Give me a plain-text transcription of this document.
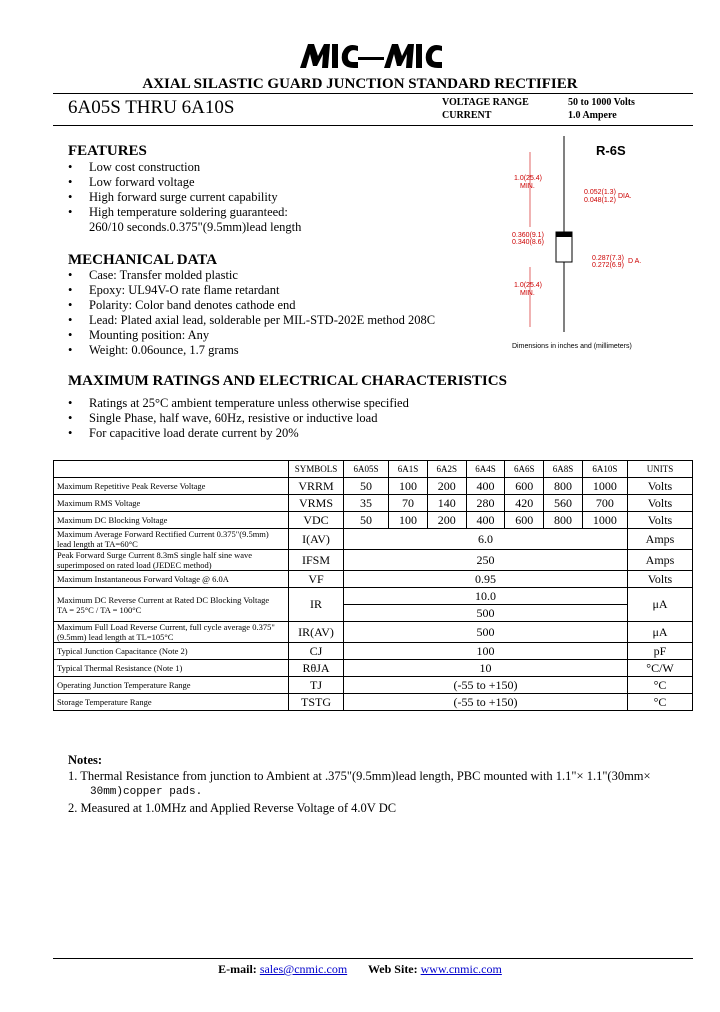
AXIAL SILASTIC GUARD JUNCTION STANDARD RECTIFIER
6A05S THRU 6A10S	VOLTAGE RANGE	50 to 1000 Volts
CURRENT	1.0 Ampere
FEATURES
• Low cost construction
• Low forward voltage
• High forward surge current capability
• High temperature soldering guaranteed:
260/10 seconds.0.375"(9.5mm)lead length
MECHANICAL DATA
• Case: Transfer molded plastic
• Epoxy: UL94V-O rate flame retardant
• Polarity: Color band denotes cathode end
• Lead: Plated axial lead, solderable per MIL-STD-202E method 208C
• Mounting position: Any
• Weight: 0.06ounce, 1.7 grams
R-6S
1.0(25.4)
MIN.
0.052(1.3)
0.048(1.2)
DIA.
0.360(9.1)
0.340(8.6)
0.287(7.3)
0.272(6.9)
D A.
1.0(25.4)
MIN.
Dimensions in inches and (millimeters)
MAXIMUM RATINGS AND ELECTRICAL CHARACTERISTICS
• Ratings at 25°C ambient temperature unless otherwise specified
• Single Phase, half wave, 60Hz, resistive or inductive load
• For capacitive load derate current by 20%
	SYMBOLS	6A05S	6A1S	6A2S	6A4S	6A6S	6A8S	6A10S	UNITS
Maximum Repetitive Peak Reverse Voltage	VRRM	50	100	200	400	600	800	1000	Volts
Maximum RMS Voltage	VRMS	35	70	140	280	420	560	700	Volts
Maximum DC Blocking Voltage	VDC	50	100	200	400	600	800	1000	Volts
Maximum Average Forward Rectified Current 0.375"(9.5mm) lead length at TA=60°C	I(AV)	6.0							Amps
Peak Forward Surge Current 8.3mS single half sine wave superimposed on rated load (JEDEC method)	IFSM	250							Amps
Maximum Instantaneous Forward Voltage @ 6.0A	VF	0.95							Volts
Maximum DC Reverse Current at Rated DC Blocking Voltage
TA = 25°C / TA = 100°C	IR	10.0							μA
		500							
Maximum Full Load Reverse Current, full cycle average 0.375"(9.5mm) lead length at TL=105°C	IR(AV)	500							μA
Typical Junction Capacitance (Note 2)	CJ	100							pF
Typical Thermal Resistance (Note 1)	RθJA	10							°C/W
Operating Junction Temperature Range	TJ	(-55 to +150)							°C
Storage Temperature Range	TSTG	(-55 to +150)							°C
Notes:
1. Thermal Resistance from junction to Ambient at .375"(9.5mm)lead length, PBC mounted with 1.1"× 1.1"(30mm×
30mm)copper pads.
2. Measured at 1.0MHz and Applied Reverse Voltage of 4.0V DC
E-mail: sales@cnmic.com Web Site: www.cnmic.com
